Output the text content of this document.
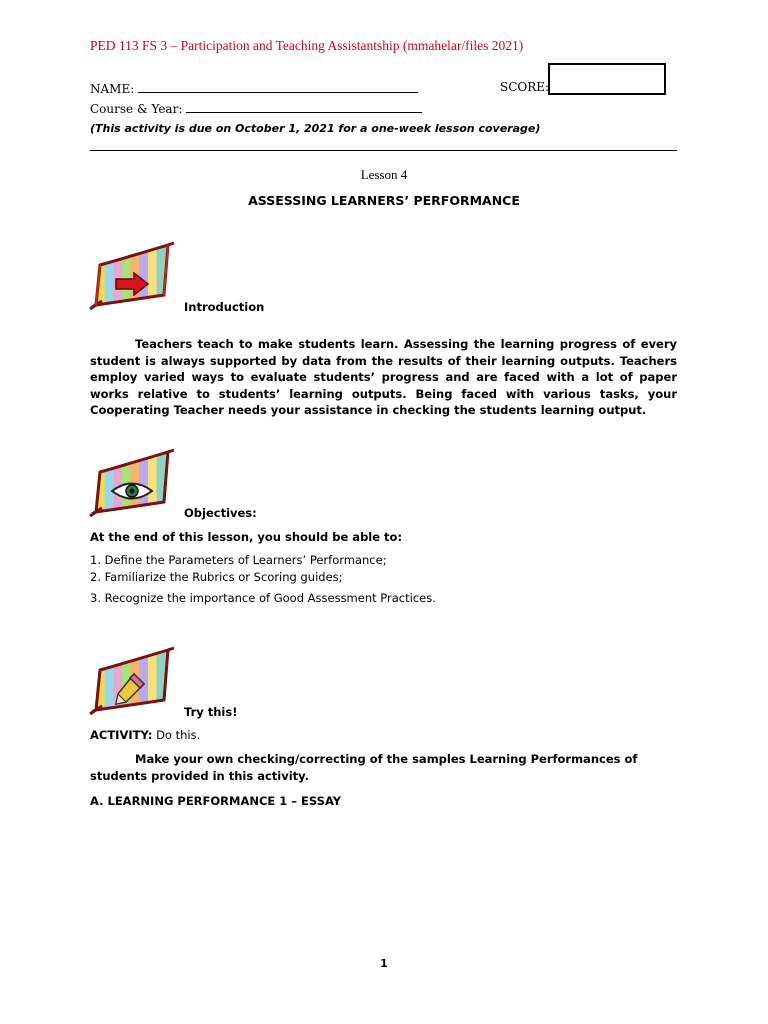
PED 113 FS 3 – Participation and Teaching Assistantship (mmahelar/files 2021)
NAME:	SCORE:
Course & Year:
(This activity is due on October 1, 2021 for a one-week lesson coverage)
Lesson 4
ASSESSING LEARNERS’ PERFORMANCE
Introduction
Teachers teach to make students learn. Assessing the learning progress of every student is always supported by data from the results of their learning outputs. Teachers employ varied ways to evaluate students’ progress and are faced with a lot of paper works relative to students’ learning outputs. Being faced with various tasks, your Cooperating Teacher needs your assistance in checking the students learning output.
Objectives:
At the end of this lesson, you should be able to:
1. Define the Parameters of Learners’ Performance;
2. Familiarize the Rubrics or Scoring guides;
3. Recognize the importance of Good Assessment Practices.
Try this!
ACTIVITY: Do this.
Make your own checking/correcting of the samples Learning Performances of students provided in this activity.
A. LEARNING PERFORMANCE 1 – ESSAY
1
